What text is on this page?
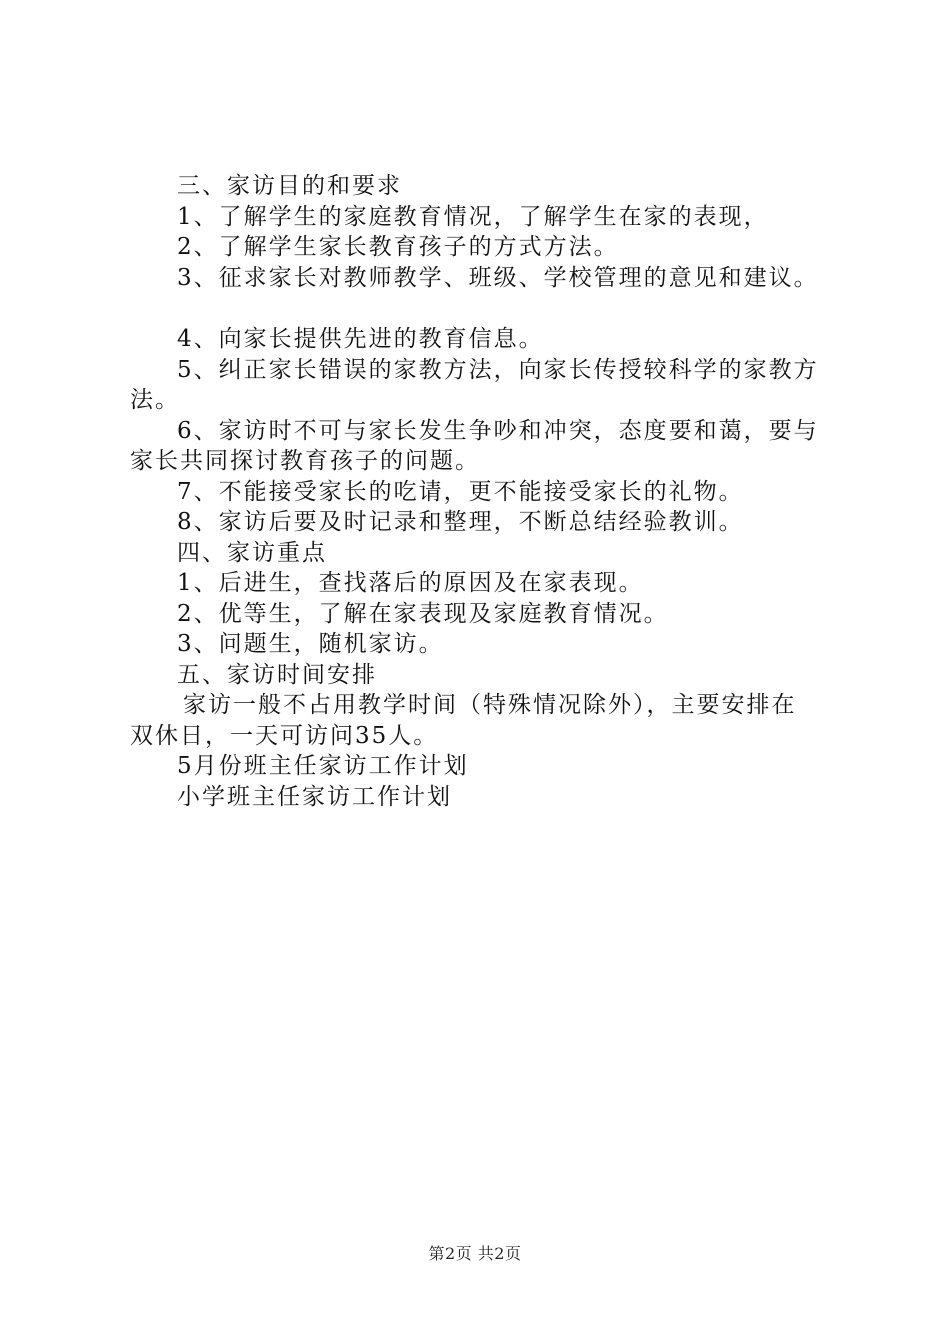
三、家访目的和要求
1、了解学生的家庭教育情况，了解学生在家的表现，
2、了解学生家长教育孩子的方式方法。
3、征求家长对教师教学、班级、学校管理的意见和建议。
4、向家长提供先进的教育信息。
5、纠正家长错误的家教方法，向家长传授较科学的家教方
法。
6、家访时不可与家长发生争吵和冲突，态度要和蔼，要与
家长共同探讨教育孩子的问题。
7、不能接受家长的吃请，更不能接受家长的礼物。
8、家访后要及时记录和整理，不断总结经验教训。
四、家访重点
1、后进生，查找落后的原因及在家表现。
2、优等生，了解在家表现及家庭教育情况。
3、问题生，随机家访。
五、家访时间安排
家访一般不占用教学时间（特殊情况除外），主要安排在
双休日，一天可访问35人。
5月份班主任家访工作计划
小学班主任家访工作计划
第2页 共2页
